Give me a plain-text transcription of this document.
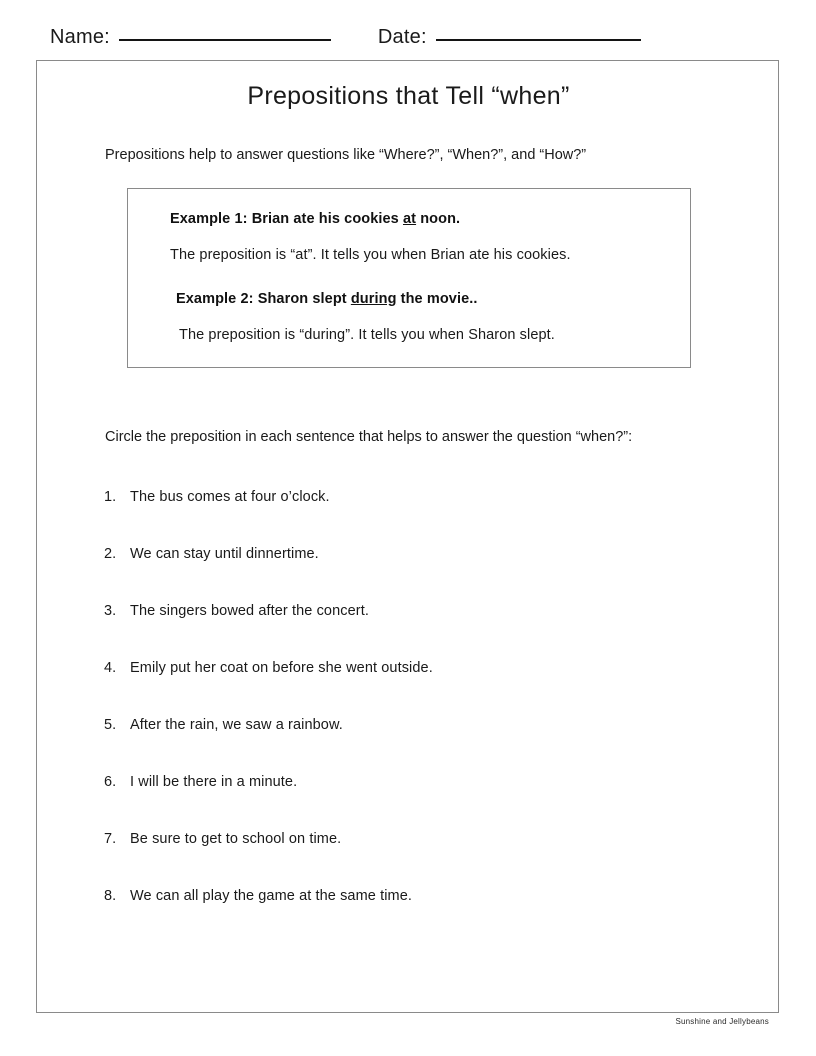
Name:	Date:
Prepositions that Tell “when”
Prepositions help to answer questions like “Where?”, “When?”, and “How?”
Example 1: Brian ate his cookies at noon.
The preposition is “at”. It tells you when Brian ate his cookies.
Example 2: Sharon slept during the movie..
The preposition is “during”. It tells you when Sharon slept.
Circle the preposition in each sentence that helps to answer the question “when?”:
1. The bus comes at four o’clock.
2. We can stay until dinnertime.
3. The singers bowed after the concert.
4. Emily put her coat on before she went outside.
5. After the rain, we saw a rainbow.
6. I will be there in a minute.
7. Be sure to get to school on time.
8. We can all play the game at the same time.
Sunshine and Jellybeans
